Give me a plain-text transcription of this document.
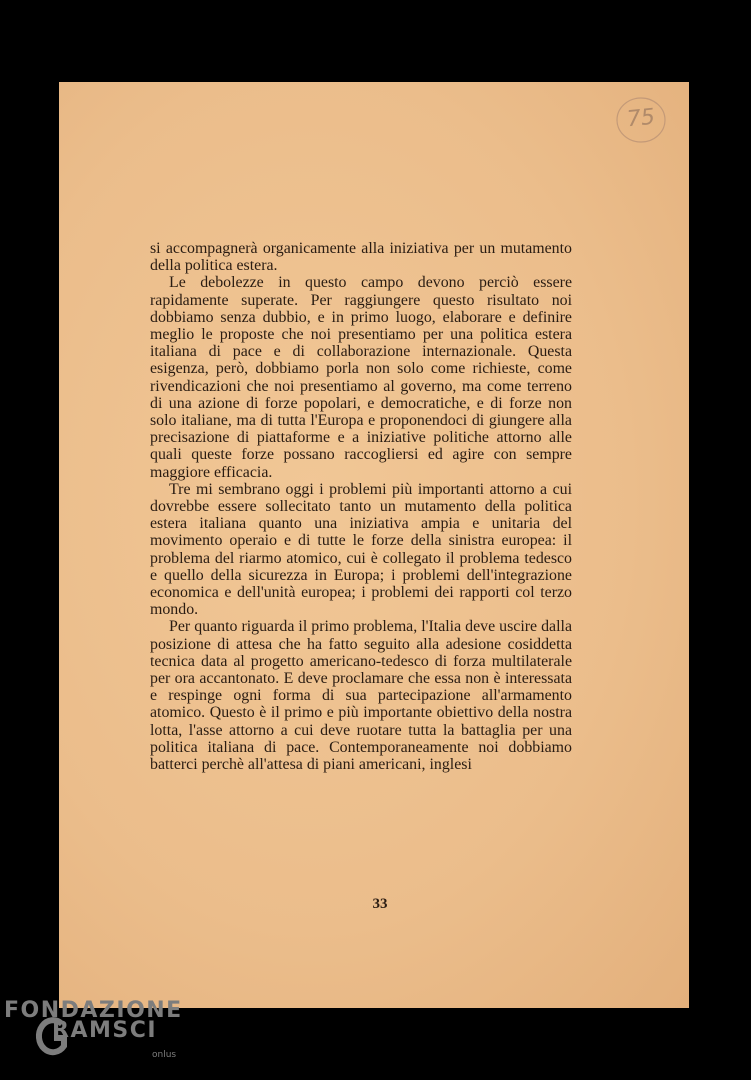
75

si accompagnerà organicamente alla iniziativa per un mutamento della politica estera.

Le debolezze in questo campo devono perciò essere rapidamente superate. Per raggiungere questo risultato noi dobbiamo senza dubbio, e in primo luogo, elaborare e definire meglio le proposte che noi presentiamo per una politica estera italiana di pace e di collaborazione internazionale. Questa esigenza, però, dobbiamo porla non solo come richieste, come rivendicazioni che noi presentiamo al governo, ma come terreno di una azione di forze popolari, e democratiche, e di forze non solo italiane, ma di tutta l'Europa e proponendoci di giungere alla precisazione di piattaforme e a iniziative politiche attorno alle quali queste forze possano raccogliersi ed agire con sempre maggiore efficacia.

Tre mi sembrano oggi i problemi più importanti attorno a cui dovrebbe essere sollecitato tanto un mutamento della politica estera italiana quanto una iniziativa ampia e unitaria del movimento operaio e di tutte le forze della sinistra europea: il problema del riarmo atomico, cui è collegato il problema tedesco e quello della sicurezza in Europa; i problemi dell'integrazione economica e dell'unità europea; i problemi dei rapporti col terzo mondo.

Per quanto riguarda il primo problema, l'Italia deve uscire dalla posizione di attesa che ha fatto seguito alla adesione cosiddetta tecnica data al progetto americano-tedesco di forza multilaterale per ora accantonato. E deve proclamare che essa non è interessata e respinge ogni forma di sua partecipazione all'armamento atomico. Questo è il primo e più importante obiettivo della nostra lotta, l'asse attorno a cui deve ruotare tutta la battaglia per una politica italiana di pace. Contemporaneamente noi dobbiamo batterci perchè all'attesa di piani americani, inglesi

33
FONDAZIONE
RAMSCI
onlus
